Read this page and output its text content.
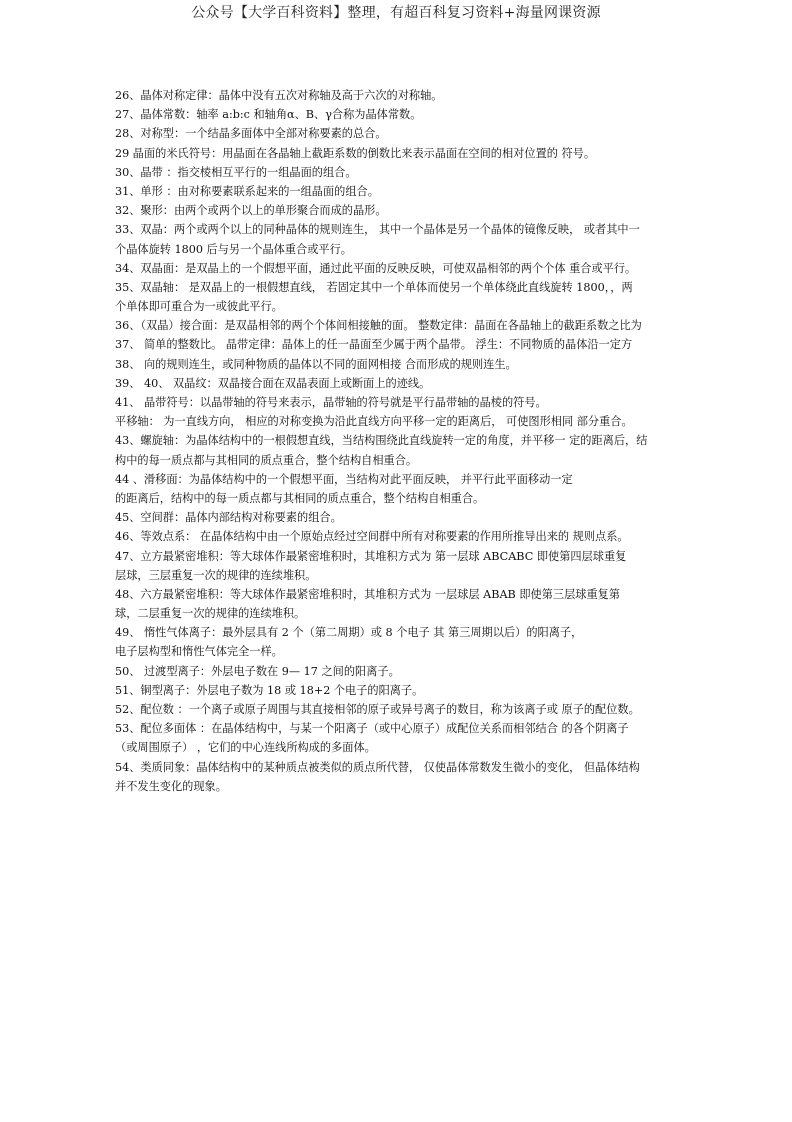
公众号【大学百科资料】整理，有超百科复习资料+海量网课资源
26、晶体对称定律：晶体中没有五次对称轴及高于六次的对称轴。
27、晶体常数：轴率 a:b:c 和轴角α、Β、γ合称为晶体常数。
28、对称型：一个结晶多面体中全部对称要素的总合。
29 晶面的米氏符号：用晶面在各晶轴上截距系数的倒数比来表示晶面在空间的相对位置的 符号。
30、晶带 ：指交棱相互平行的一组晶面的组合。
31、单形 ：由对称要素联系起来的一组晶面的组合。
32、聚形：由两个或两个以上的单形聚合而成的晶形。
33、双晶：两个或两个以上的同种晶体的规则连生， 其中一个晶体是另一个晶体的镜像反映， 或者其中一
个晶体旋转 1800 后与另一个晶体重合或平行。
34、双晶面：是双晶上的一个假想平面，通过此平面的反映反映，可使双晶相邻的两个个体 重合或平行。
35、双晶轴： 是双晶上的一根假想直线， 若固定其中一个单体而使另一个单体绕此直线旋转 1800，，两
个单体即可重合为一或彼此平行。
36、（双晶）接合面：是双晶相邻的两个个体间相接触的面。 整数定律：晶面在各晶轴上的截距系数之比为
37、 简单的整数比。 晶带定律：晶体上的任一晶面至少属于两个晶带。 浮生：不同物质的晶体沿一定方
38、 向的规则连生，或同种物质的晶体以不同的面网相接 合而形成的规则连生。
39、 40、 双晶纹：双晶接合面在双晶表面上或断面上的迹线。
41、 晶带符号：以晶带轴的符号来表示，晶带轴的符号就是平行晶带轴的晶棱的符号。
平移轴： 为一直线方向， 相应的对称变换为沿此直线方向平移一定的距离后， 可使图形相同 部分重合。
43、螺旋轴：为晶体结构中的一根假想直线，当结构围绕此直线旋转一定的角度，并平移一 定的距离后，结
构中的每一质点都与其相同的质点重合，整个结构自相重合。
44 、滑移面：为晶体结构中的一个假想平面，当结构对此平面反映， 并平行此平面移动一定
的距离后，结构中的每一质点都与其相同的质点重合，整个结构自相重合。
45、空间群：晶体内部结构对称要素的组合。
46、等效点系： 在晶体结构中由一个原始点经过空间群中所有对称要素的作用所推导出来的 规则点系。
47、立方最紧密堆积：等大球体作最紧密堆积时，其堆积方式为 第一层球 ABCABC 即使第四层球重复
层球，三层重复一次的规律的连续堆积。
48、六方最紧密堆积：等大球体作最紧密堆积时，其堆积方式为 一层球层 ABAB 即使第三层球重复第
球，二层重复一次的规律的连续堆积。
49、 惰性气体离子：最外层具有 2 个（第二周期）或 8 个电子 其 第三周期以后）的阳离子，
电子层构型和惰性气体完全一样。
50、 过渡型离子：外层电子数在 9— 17 之间的阳离子。
51、铜型离子：外层电子数为 18 或 18+2 个电子的阳离子。
52、配位数 ：一个离子或原子周围与其直接相邻的原子或异号离子的数目，称为该离子或 原子的配位数。
53、配位多面体 ：在晶体结构中，与某一个阳离子（或中心原子）成配位关系而相邻结合 的各个阴离子
（或周围原子） ，它们的中心连线所构成的多面体。
54、类质同象：晶体结构中的某种质点被类似的质点所代替， 仅使晶体常数发生微小的变化， 但晶体结构
并不发生变化的现象。
